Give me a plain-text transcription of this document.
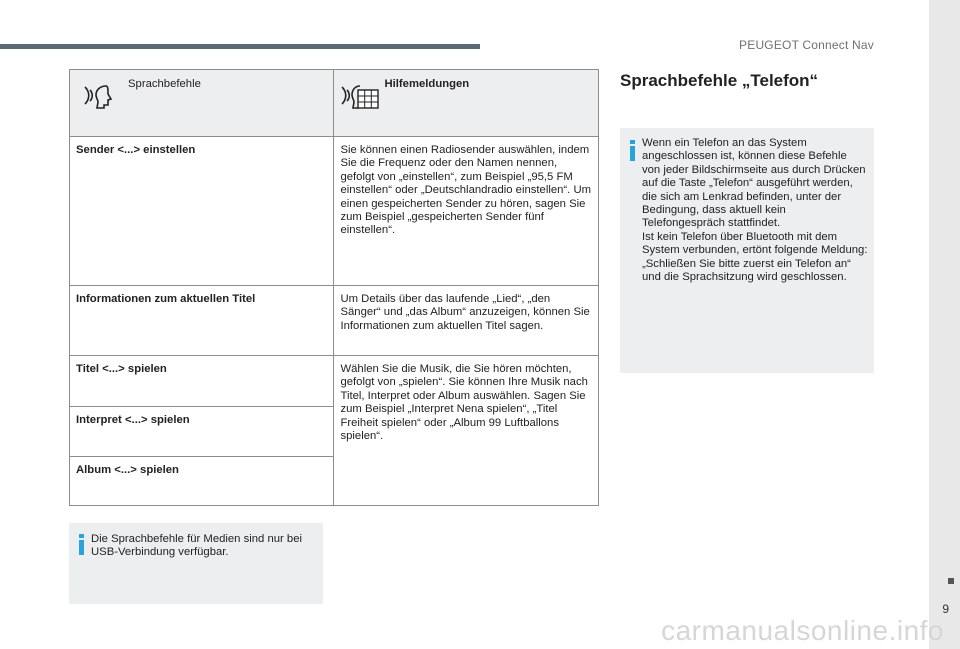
PEUGEOT Connect Nav
9
carmanualsonline.info
Sprachbefehle	Hilfemeldungen

Sender <...> einstellen	Sie können einen Radiosender auswählen, indem Sie die Frequenz oder den Namen nennen, gefolgt von „einstellen“, zum Beispiel „95,5 FM einstellen“ oder „Deutschlandradio einstellen“. Um einen gespeicherten Sender zu hören, sagen Sie zum Beispiel „gespeicherten Sender fünf einstellen“.
Informationen zum aktuellen Titel	Um Details über das laufende „Lied“, „den Sänger“ und „das Album“ anzuzeigen, können Sie Informationen zum aktuellen Titel sagen.
Titel <...> spielen	Wählen Sie die Musik, die Sie hören möchten, gefolgt von „spielen“. Sie können Ihre Musik nach Titel, Interpret oder Album auswählen. Sagen Sie zum Beispiel „Interpret Nena spielen“, „Titel Freiheit spielen“ oder „Album 99 Luftballons spielen“.
Interpret <...> spielen	
Album <...> spielen	
Die Sprachbefehle für Medien sind nur bei USB-Verbindung verfügbar.
Sprachbefehle „Telefon“
Wenn ein Telefon an das System angeschlossen ist, können diese Befehle von jeder Bildschirmseite aus durch Drücken auf die Taste „Telefon“ ausgeführt werden, die sich am Lenkrad befinden, unter der Bedingung, dass aktuell kein Telefongespräch stattfindet.
Ist kein Telefon über Bluetooth mit dem System verbunden, ertönt folgende Meldung: „Schließen Sie bitte zuerst ein Telefon an“ und die Sprachsitzung wird geschlossen.
